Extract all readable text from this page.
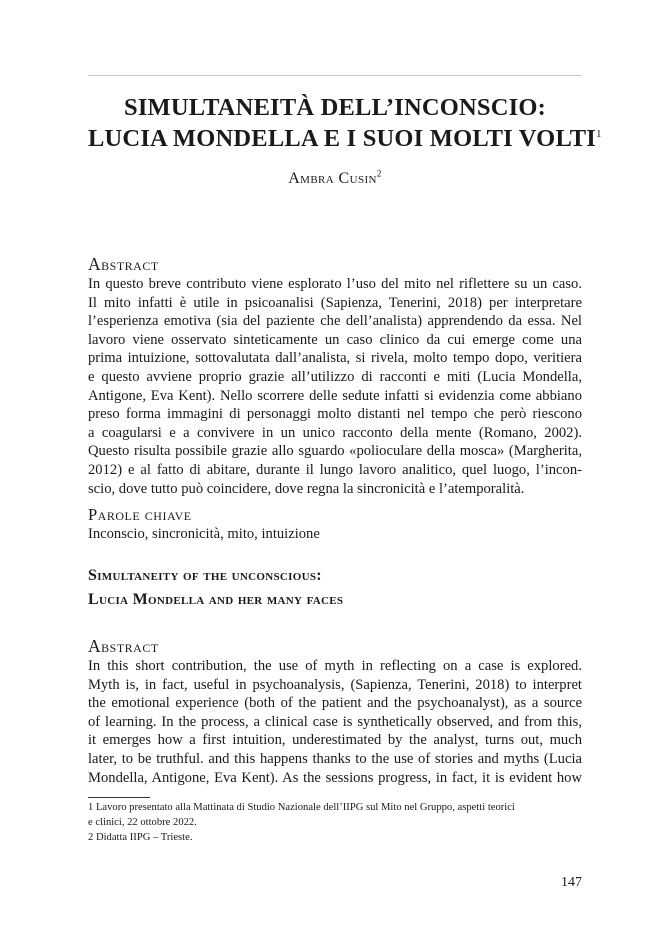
SIMULTANEITÀ DELL’INCONSCIO:
LUCIA MONDELLA E I SUOI MOLTI VOLTI$^1$
Ambra Cusin$^2$
Abstract
In questo breve contributo viene esplorato l’uso del mito nel riflettere su un caso.
Il mito infatti è utile in psicoanalisi (Sapienza, Tenerini, 2018) per interpretare
l’esperienza emotiva (sia del paziente che dell’analista) apprendendo da essa. Nel
lavoro viene osservato sinteticamente un caso clinico da cui emerge come una
prima intuizione, sottovalutata dall’analista, si rivela, molto tempo dopo, veritiera
e questo avviene proprio grazie all’utilizzo di racconti e miti (Lucia Mondella,
Antigone, Eva Kent). Nello scorrere delle sedute infatti si evidenzia come abbiano
preso forma immagini di personaggi molto distanti nel tempo che però riescono
a coagularsi e a convivere in un unico racconto della mente (Romano, 2002).
Questo risulta possibile grazie allo sguardo «polioculare della mosca» (Margherita,
2012) e al fatto di abitare, durante il lungo lavoro analitico, quel luogo, l’incon-
scio, dove tutto può coincidere, dove regna la sincronicità e l’atemporalità.
Parole chiave
Inconscio, sincronicità, mito, intuizione
Simultaneity of the unconscious:
Lucia Mondella and her many faces
Abstract
In this short contribution, the use of myth in reflecting on a case is explored.
Myth is, in fact, useful in psychoanalysis, (Sapienza, Tenerini, 2018) to interpret
the emotional experience (both of the patient and the psychoanalyst), as a source
of learning. In the process, a clinical case is synthetically observed, and from this,
it emerges how a first intuition, underestimated by the analyst, turns out, much
later, to be truthful. and this happens thanks to the use of stories and myths (Lucia
Mondella, Antigone, Eva Kent). As the sessions progress, in fact, it is evident how
1 Lavoro presentato alla Mattinata di Studio Nazionale dell’IIPG sul Mito nel Gruppo, aspetti teorici
e clinici, 22 ottobre 2022.
2 Didatta IIPG – Trieste.
147
